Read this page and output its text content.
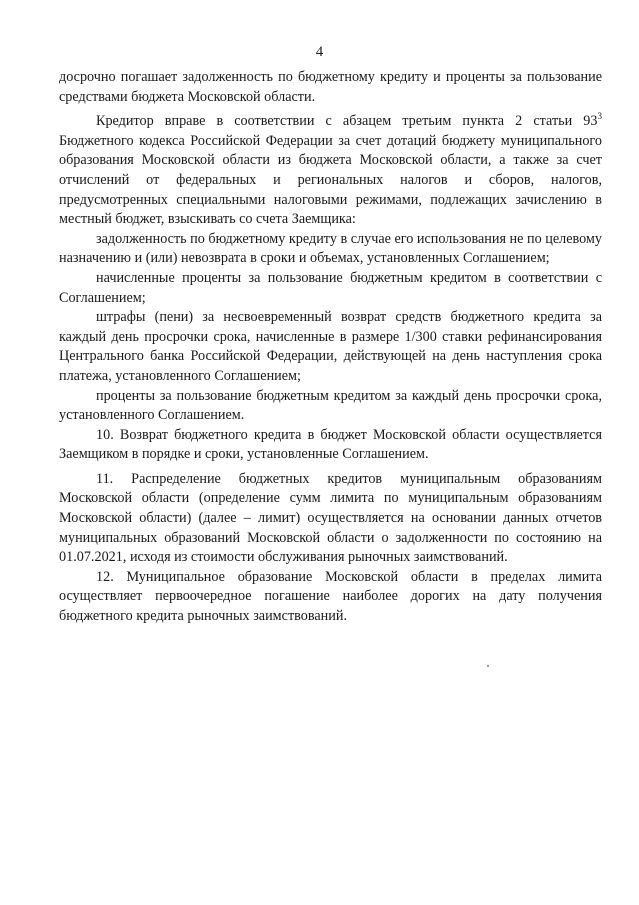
4

досрочно погашает задолженность по бюджетному кредиту и проценты за пользование средствами бюджета Московской области.

Кредитор вправе в соответствии с абзацем третьим пункта 2 статьи $93^3$ Бюджетного кодекса Российской Федерации за счет дотаций бюджету муниципального образования Московской области из бюджета Московской области, а также за счет отчислений от федеральных и региональных налогов и сборов, налогов, предусмотренных специальными налоговыми режимами, подлежащих зачислению в местный бюджет, взыскивать со счета Заемщика:

задолженность по бюджетному кредиту в случае его использования не по целевому назначению и (или) невозврата в сроки и объемах, установленных Соглашением;

начисленные проценты за пользование бюджетным кредитом в соответствии с Соглашением;

штрафы (пени) за несвоевременный возврат средств бюджетного кредита за каждый день просрочки срока, начисленные в размере 1/300 ставки рефинансирования Центрального банка Российской Федерации, действующей на день наступления срока платежа, установленного Соглашением;

проценты за пользование бюджетным кредитом за каждый день просрочки срока, установленного Соглашением.

10. Возврат бюджетного кредита в бюджет Московской области осуществляется Заемщиком в порядке и сроки, установленные Соглашением.

11. Распределение бюджетных кредитов муниципальным образованиям Московской области (определение сумм лимита по муниципальным образованиям Московской области) (далее – лимит) осуществляется на основании данных отчетов муниципальных образований Московской области о задолженности по состоянию на 01.07.2021, исходя из стоимости обслуживания рыночных заимствований.

12. Муниципальное образование Московской области в пределах лимита осуществляет первоочередное погашение наиболее дорогих на дату получения бюджетного кредита рыночных заимствований.
